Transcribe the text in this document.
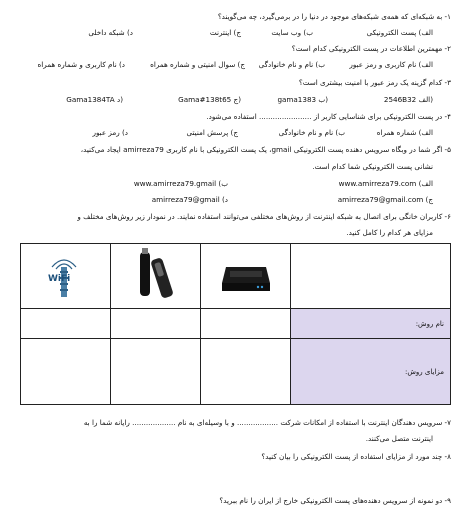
۱- به شبکه‌ای که همه‌ی شبکه‌های موجود در دنیا را در برمی‌گیرد، چه می‌گویند؟
الف) پست الکترونیکی
ب) وب سایت
ج) اینترنت
د) شبکه داخلی
۲- مهمترین اطلاعات در پست الکترونیکی کدام است؟
الف) نام کاربری و رمز عبور
ب) نام و نام خانوادگی
ج) سوال امنیتی و شماره همراه
د) نام کاربری و شماره همراه
۳- کدام گزینه یک رمز عبور با امنیت بیشتری است؟
2546B32 الف)
gama1383 ب)
Gama#138t65 ج)
Gama1384TA د)
۴- در پست الکترونیکی برای شناسایی کاربر از ....................... استفاده می‌شود.
الف) شماره همراه
ب) نام و نام خانوادگی
ج) پرسش امنیتی
د) رمز عبور
۵- اگر شما در وبگاه سرویس دهنده پست الکترونیکی gmail، یک پست الکترونیکی با نام کاربری amirreza79 ایجاد می‌کنید،
نشانی پست الکترونیکی شما کدام است.
الف) www.amirreza79.com
ب) www.amirreza79.gmail
ج) amirreza79@gmail.com
د) amirreza79@gmail
۶- کاربران خانگی برای اتصال به شبکه اینترنت از روش‌های مختلفی می‌توانند استفاده نمایند. در نمودار زیر روش‌های مختلف و
مزایای هر کدام را کامل کنید.
WiFi

			نام روش:
			مزایای روش:
۷- سرویس دهندگان اینترنت با استفاده از امکانات شرکت .................. و با وسیله‌ای به نام ................... رایانه شما را به
اینترنت متصل می‌کنند.
۸- چند مورد از مزایای استفاده از پست الکترونیکی را بیان کنید؟
۹- دو نمونه از سرویس دهنده‌های پست الکترونیکی خارج از ایران را نام ببرید؟
